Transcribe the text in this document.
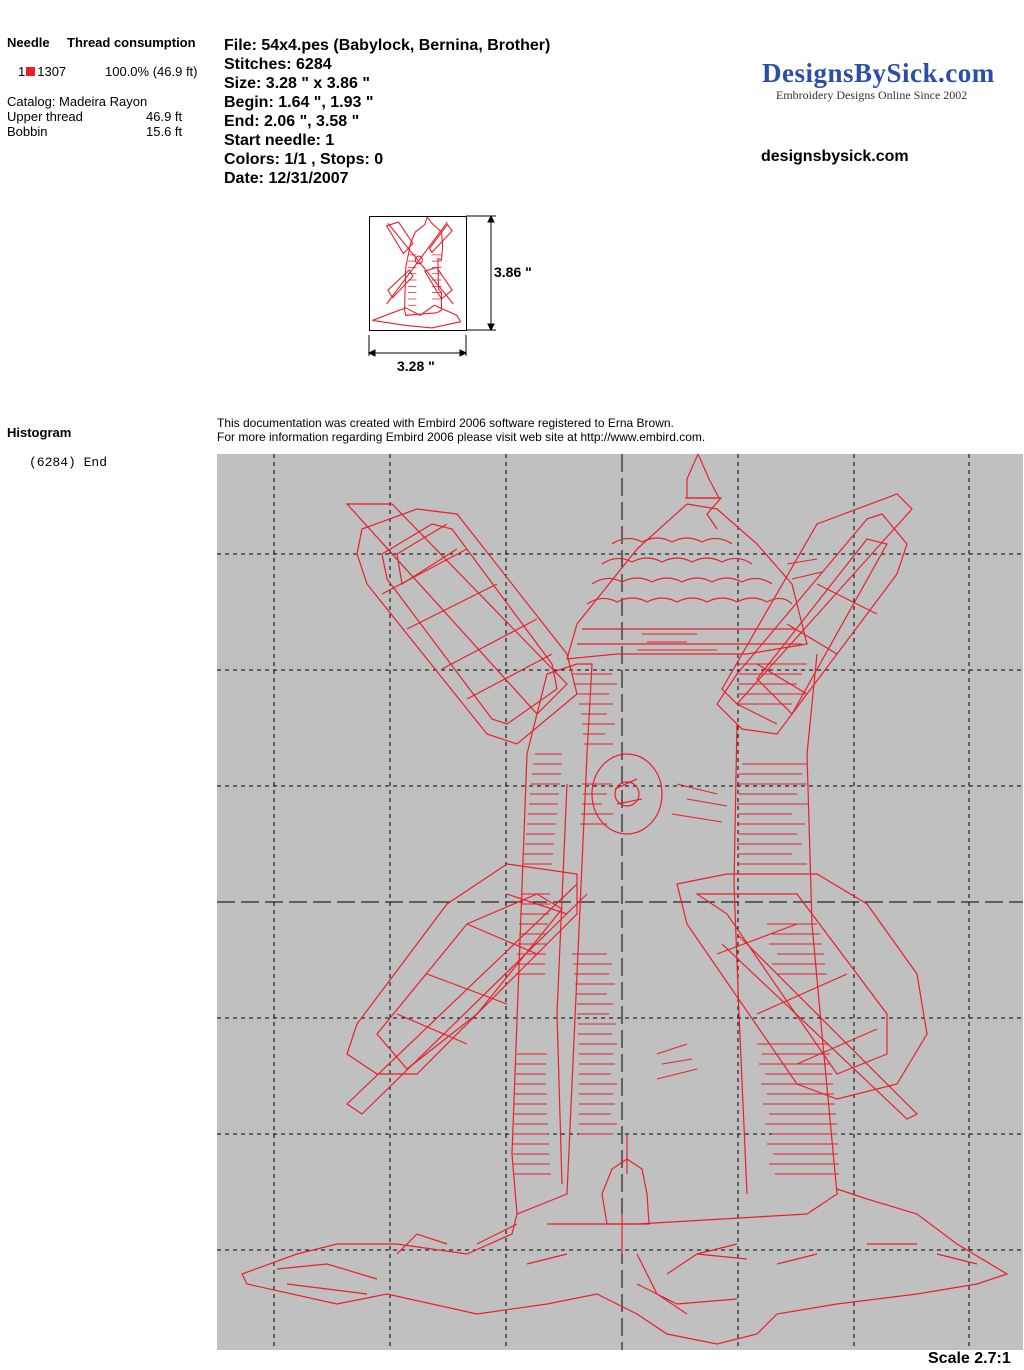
Needle Thread consumption
1 1307	100.0% (46.9 ft)
Catalog: Madeira Rayon
Upper thread	46.9 ft
Bobbin	15.6 ft
File: 54x4.pes (Babylock, Bernina, Brother)
Stitches: 6284
Size: 3.28 " x 3.86 "
Begin: 1.64 ", 1.93 "
End: 2.06 ", 3.58 "
Start needle: 1
Colors: 1/1 , Stops: 0
Date: 12/31/2007
DesignsBySick.com
Embroidery Designs Online Since 2002
designsbysick.com
3.86 "
3.28 "
Histogram
(6284) End
This documentation was created with Embird 2006 software registered to Erna Brown.
For more information regarding Embird 2006 please visit web site at http://www.embird.com.
Scale 2.7:1
